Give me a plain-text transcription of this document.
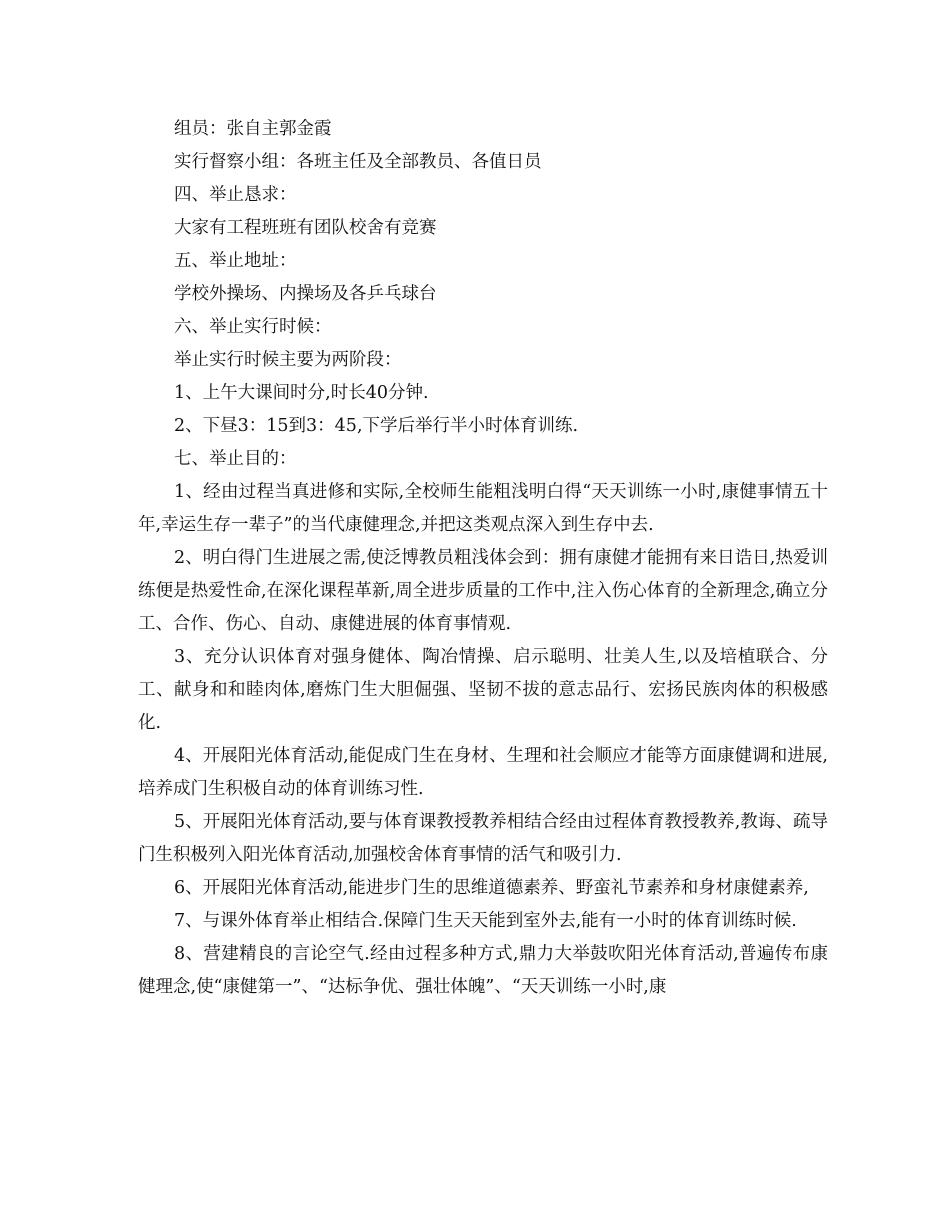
组员：张自主郭金霞

实行督察小组：各班主任及全部教员、各值日员

四、举止恳求：

大家有工程班班有团队校舍有竞赛

五、举止地址：

学校外操场、内操场及各乒乓球台

六、举止实行时候：

举止实行时候主要为两阶段：

1、上午大课间时分,时长40分钟.

2、下昼3：15到3：45,下学后举行半小时体育训练.

七、举止目的：

1、经由过程当真进修和实际,全校师生能粗浅明白得“天天训练一小时,康健事情五十年,幸运生存一辈子”的当代康健理念,并把这类观点深入到生存中去.

2、明白得门生进展之需,使泛博教员粗浅体会到：拥有康健才能拥有来日诰日,热爱训练便是热爱性命,在深化课程革新,周全进步质量的工作中,注入伤心体育的全新理念,确立分工、合作、伤心、自动、康健进展的体育事情观.

3、充分认识体育对强身健体、陶冶情操、启示聪明、壮美人生,以及培植联合、分工、献身和和睦肉体,磨炼门生大胆倔强、坚韧不拔的意志品行、宏扬民族肉体的积极感化.

4、开展阳光体育活动,能促成门生在身材、生理和社会顺应才能等方面康健调和进展,培养成门生积极自动的体育训练习性.

5、开展阳光体育活动,要与体育课教授教养相结合经由过程体育教授教养,教诲、疏导门生积极列入阳光体育活动,加强校舍体育事情的活气和吸引力.

6、开展阳光体育活动,能进步门生的思维道德素养、野蛮礼节素养和身材康健素养,

7、与课外体育举止相结合.保障门生天天能到室外去,能有一小时的体育训练时候.

8、营建精良的言论空气.经由过程多种方式,鼎力大举鼓吹阳光体育活动,普遍传布康健理念,使“康健第一”、“达标争优、强壮体魄”、“天天训练一小时,康
